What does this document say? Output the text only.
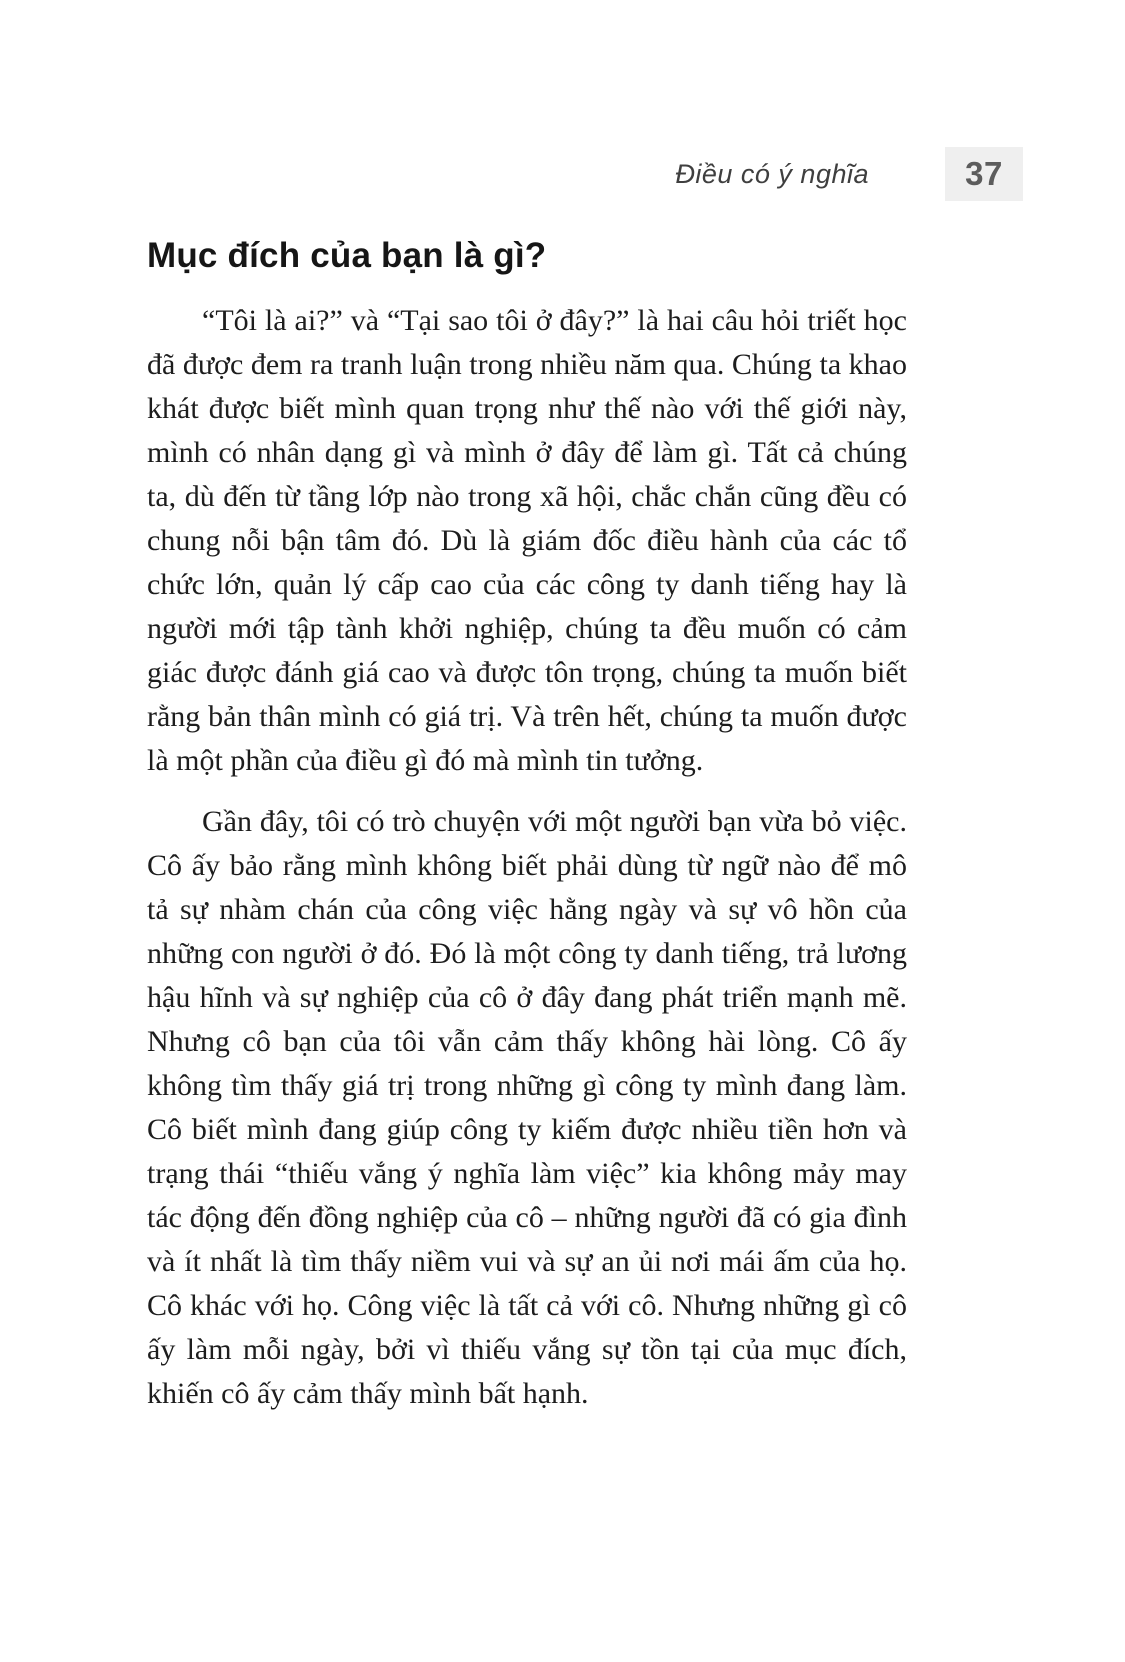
Điều có ý nghĩa	37
Mục đích của bạn là gì?

“Tôi là ai?” và “Tại sao tôi ở đây?” là hai câu hỏi triết học đã được đem ra tranh luận trong nhiều năm qua. Chúng ta khao khát được biết mình quan trọng như thế nào với thế giới này, mình có nhân dạng gì và mình ở đây để làm gì. Tất cả chúng ta, dù đến từ tầng lớp nào trong xã hội, chắc chắn cũng đều có chung nỗi bận tâm đó. Dù là giám đốc điều hành của các tổ chức lớn, quản lý cấp cao của các công ty danh tiếng hay là người mới tập tành khởi nghiệp, chúng ta đều muốn có cảm giác được đánh giá cao và được tôn trọng, chúng ta muốn biết rằng bản thân mình có giá trị. Và trên hết, chúng ta muốn được là một phần của điều gì đó mà mình tin tưởng.

Gần đây, tôi có trò chuyện với một người bạn vừa bỏ việc. Cô ấy bảo rằng mình không biết phải dùng từ ngữ nào để mô tả sự nhàm chán của công việc hằng ngày và sự vô hồn của những con người ở đó. Đó là một công ty danh tiếng, trả lương hậu hĩnh và sự nghiệp của cô ở đây đang phát triển mạnh mẽ. Nhưng cô bạn của tôi vẫn cảm thấy không hài lòng. Cô ấy không tìm thấy giá trị trong những gì công ty mình đang làm. Cô biết mình đang giúp công ty kiếm được nhiều tiền hơn và trạng thái “thiếu vắng ý nghĩa làm việc” kia không mảy may tác động đến đồng nghiệp của cô – những người đã có gia đình và ít nhất là tìm thấy niềm vui và sự an ủi nơi mái ấm của họ. Cô khác với họ. Công việc là tất cả với cô. Nhưng những gì cô ấy làm mỗi ngày, bởi vì thiếu vắng sự tồn tại của mục đích, khiến cô ấy cảm thấy mình bất hạnh.
